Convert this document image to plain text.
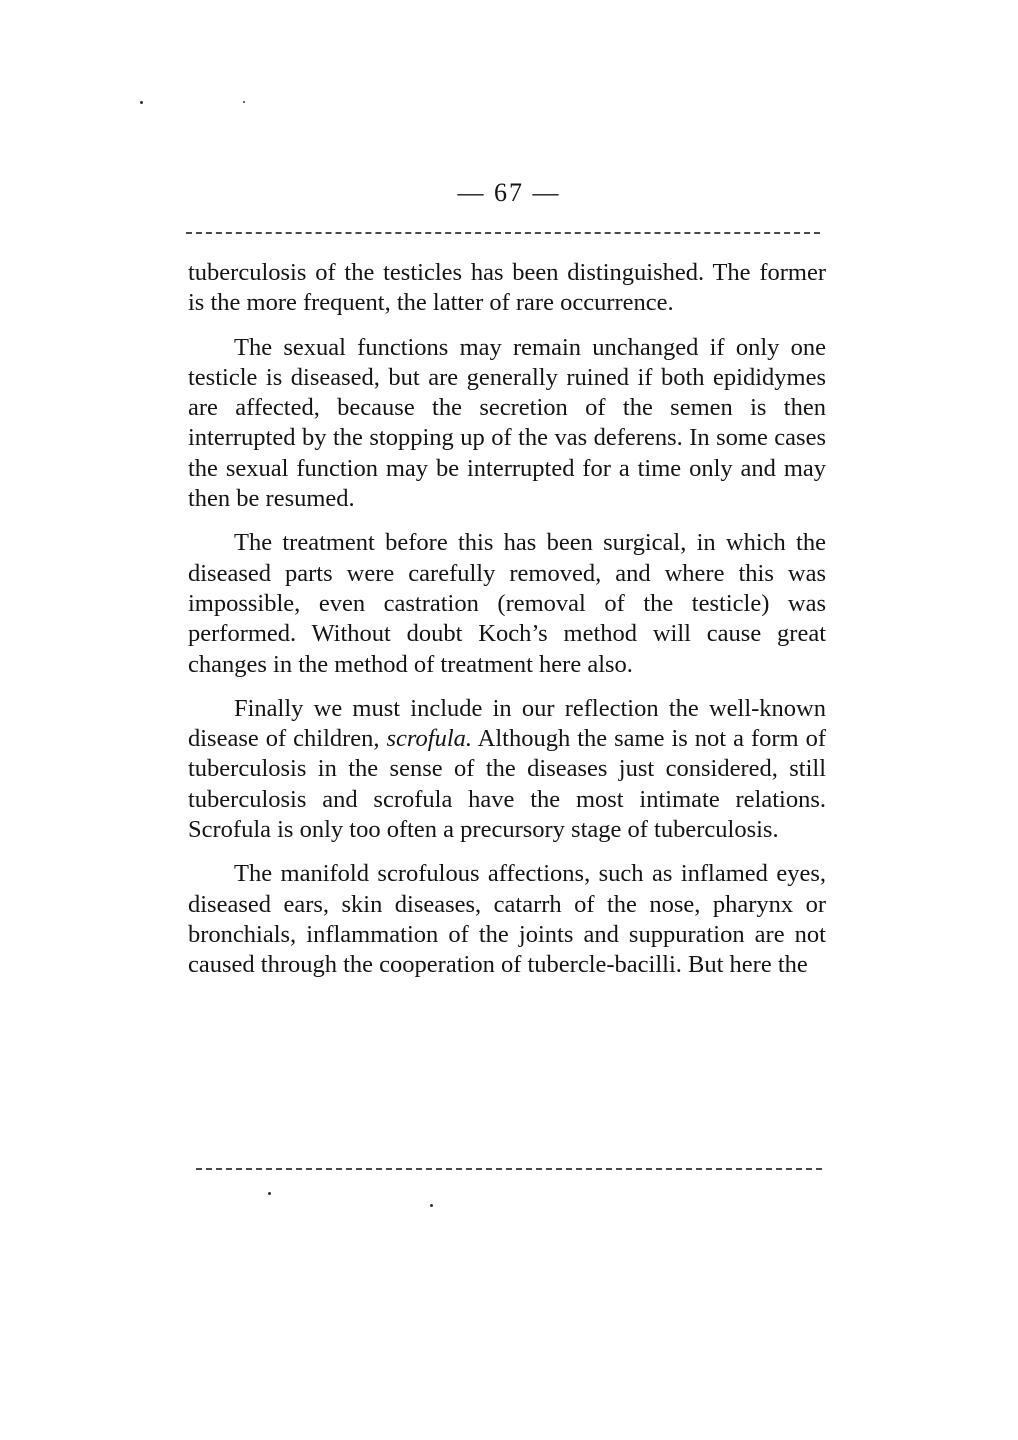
— 67 —

tuberculosis of the testicles has been distinguished. The former is the more frequent, the latter of rare occurrence.

The sexual functions may remain unchanged if only one testicle is diseased, but are generally ruined if both epididymes are affected, because the secretion of the semen is then interrupted by the stopping up of the vas deferens. In some cases the sexual function may be interrupted for a time only and may then be resumed.

The treatment before this has been surgical, in which the diseased parts were carefully removed, and where this was impossible, even castration (removal of the testicle) was performed. Without doubt Koch’s method will cause great changes in the method of treatment here also.

Finally we must include in our reflection the well-known disease of children, scrofula. Although the same is not a form of tuberculosis in the sense of the diseases just considered, still tuberculosis and scrofula have the most intimate relations. Scrofula is only too often a precursory stage of tuberculosis.

The manifold scrofulous affections, such as inflamed eyes, diseased ears, skin diseases, catarrh of the nose, pharynx or bronchials, inflammation of the joints and suppuration are not caused through the cooperation of tubercle-bacilli. But here the
